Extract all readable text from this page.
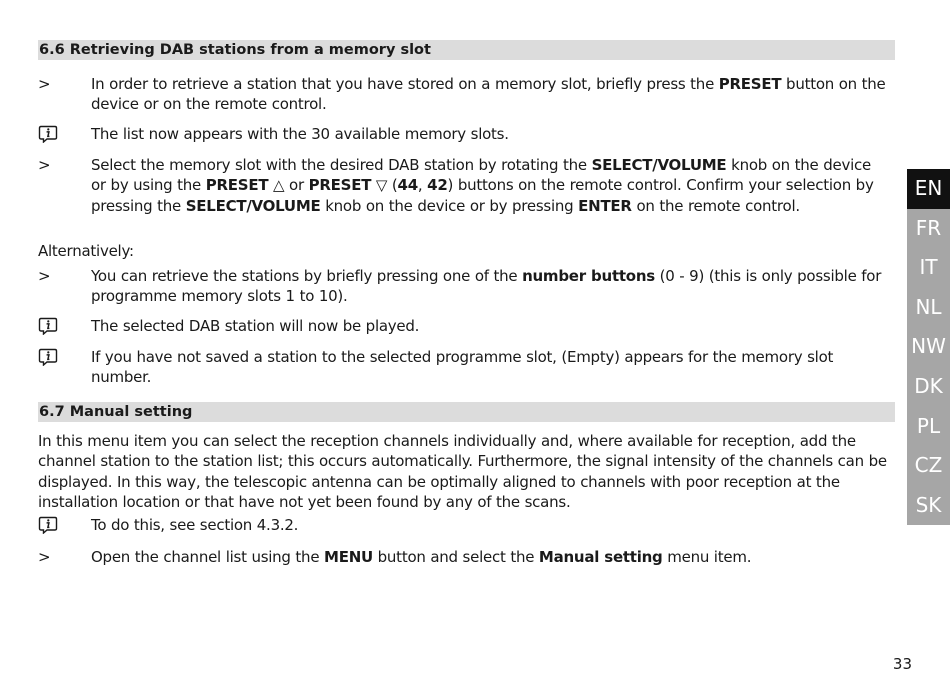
6.6 Retrieving DAB stations from a memory slot
>	In order to retrieve a station that you have stored on a memory slot, briefly press the PRESET button on the device or on the remote control.
The list now appears with the 30 available memory slots.
>	Select the memory slot with the desired DAB station by rotating the SELECT/VOLUME knob on the device or by using the PRESET △ or PRESET ▽ (44, 42) buttons on the remote control. Confirm your selection by pressing the SELECT/VOLUME knob on the device or by pressing ENTER on the remote control.
Alternatively:
>	You can retrieve the stations by briefly pressing one of the number buttons (0 - 9) (this is only possible for programme memory slots 1 to 10).
The selected DAB station will now be played.
If you have not saved a station to the selected programme slot, (Empty) appears for the memory slot number.
6.7 Manual setting
In this menu item you can select the reception channels individually and, where available for reception, add the channel station to the station list; this occurs automatically. Furthermore, the signal intensity of the channels can be displayed. In this way, the telescopic antenna can be optimally aligned to channels with poor reception at the installation location or that have not yet been found by any of the scans.
To do this, see section 4.3.2.
>	Open the channel list using the MENU button and select the Manual setting menu item.
EN
FR
IT
NL
NW
DK
PL
CZ
SK
33
